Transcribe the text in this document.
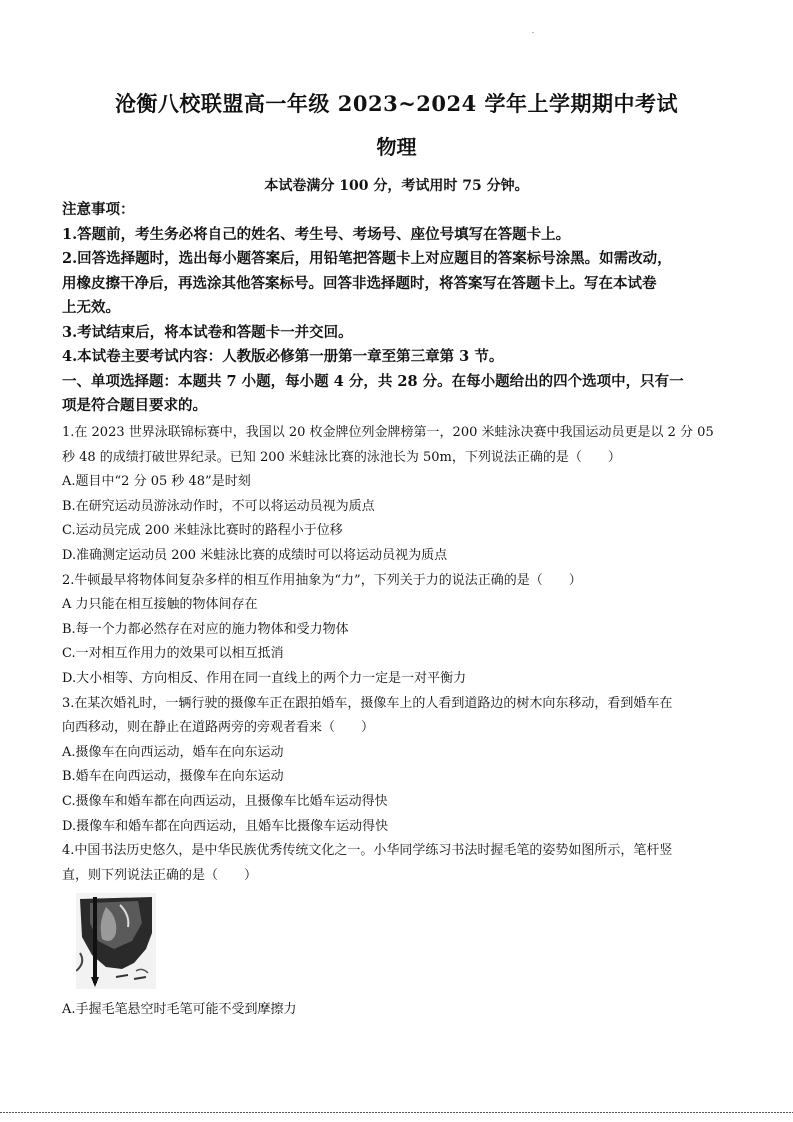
沧衡八校联盟高一年级 2023~2024 学年上学期期中考试
物理
本试卷满分 100 分，考试用时 75 分钟。
注意事项：
1.答题前，考生务必将自己的姓名、考生号、考场号、座位号填写在答题卡上。
2.回答选择题时，选出每小题答案后，用铅笔把答题卡上对应题目的答案标号涂黑。如需改动，
用橡皮擦干净后，再选涂其他答案标号。回答非选择题时，将答案写在答题卡上。写在本试卷
上无效。
3.考试结束后，将本试卷和答题卡一并交回。
4.本试卷主要考试内容：人教版必修第一册第一章至第三章第 3 节。
一、单项选择题：本题共 7 小题，每小题 4 分，共 28 分。在每小题给出的四个选项中，只有一
项是符合题目要求的。
1.在 2023 世界泳联锦标赛中，我国以 20 枚金牌位列金牌榜第一，200 米蛙泳决赛中我国运动员更是以 2 分 05
秒 48 的成绩打破世界纪录。已知 200 米蛙泳比赛的泳池长为 50m，下列说法正确的是（　　）
A.题目中“2 分 05 秒 48”是时刻
B.在研究运动员游泳动作时，不可以将运动员视为质点
C.运动员完成 200 米蛙泳比赛时的路程小于位移
D.准确测定运动员 200 米蛙泳比赛的成绩时可以将运动员视为质点
2.牛顿最早将物体间复杂多样的相互作用抽象为“力”，下列关于力的说法正确的是（　　）
A 力只能在相互接触的物体间存在
B.每一个力都必然存在对应的施力物体和受力物体
C.一对相互作用力的效果可以相互抵消
D.大小相等、方向相反、作用在同一直线上的两个力一定是一对平衡力
3.在某次婚礼时，一辆行驶的摄像车正在跟拍婚车，摄像车上的人看到道路边的树木向东移动，看到婚车在
向西移动，则在静止在道路两旁的旁观者看来（　　）
A.摄像车在向西运动，婚车在向东运动
B.婚车在向西运动，摄像车在向东运动
C.摄像车和婚车都在向西运动，且摄像车比婚车运动得快
D.摄像车和婚车都在向西运动，且婚车比摄像车运动得快
4.中国书法历史悠久，是中华民族优秀传统文化之一。小华同学练习书法时握毛笔的姿势如图所示，笔杆竖
直，则下列说法正确的是（　　）
A.手握毛笔悬空时毛笔可能不受到摩擦力
